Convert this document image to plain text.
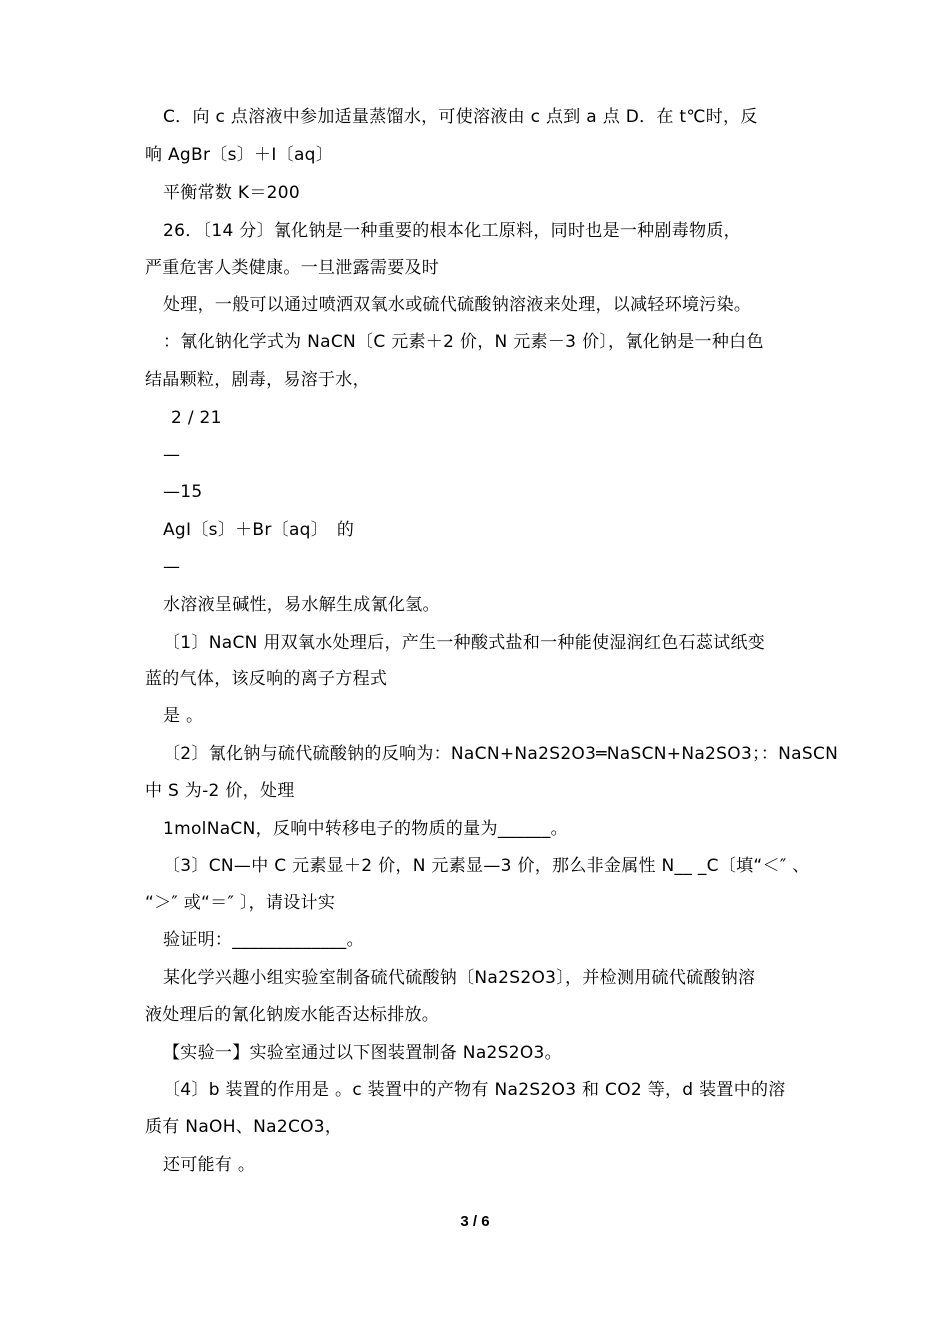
C．向 c 点溶液中参加适量蒸馏水，可使溶液由 c 点到 a 点 D．在 t℃时，反
响 AgBr〔s〕＋I〔aq〕
平衡常数 K＝200
26．〔14 分〕氰化钠是一种重要的根本化工原料，同时也是一种剧毒物质，
严重危害人类健康。一旦泄露需要及时
处理，一般可以通过喷洒双氧水或硫代硫酸钠溶液来处理，以减轻环境污染。
：氰化钠化学式为 NaCN〔C 元素＋2 价，N 元素－3 价〕，氰化钠是一种白色
结晶颗粒，剧毒，易溶于水，
2 / 21
—
—15
AgI〔s〕＋Br〔aq〕　的
—
水溶液呈碱性，易水解生成氰化氢。
〔1〕NaCN 用双氧水处理后，产生一种酸式盐和一种能使湿润红色石蕊试纸变
蓝的气体，该反响的离子方程式
是 。
〔2〕氰化钠与硫代硫酸钠的反响为：NaCN+Na2S2O3═NaSCN+Na2SO3；：NaSCN
中 S 为-2 价，处理
1molNaCN，反响中转移电子的物质的量为______。
〔3〕CN—中 C 元素显＋2 价，N 元素显—3 价，那么非金属性 N__ _C〔填“＜″ 、
“＞″ 或“＝″ 〕，请设计实
验证明：_____________。
某化学兴趣小组实验室制备硫代硫酸钠〔Na2S2O3〕，并检测用硫代硫酸钠溶
液处理后的氰化钠废水能否达标排放。
【实验一】实验室通过以下图装置制备 Na2S2O3。
〔4〕b 装置的作用是 。c 装置中的产物有 Na2S2O3 和 CO2 等，d 装置中的溶
质有 NaOH、Na2CO3，
还可能有 。
3 / 6
